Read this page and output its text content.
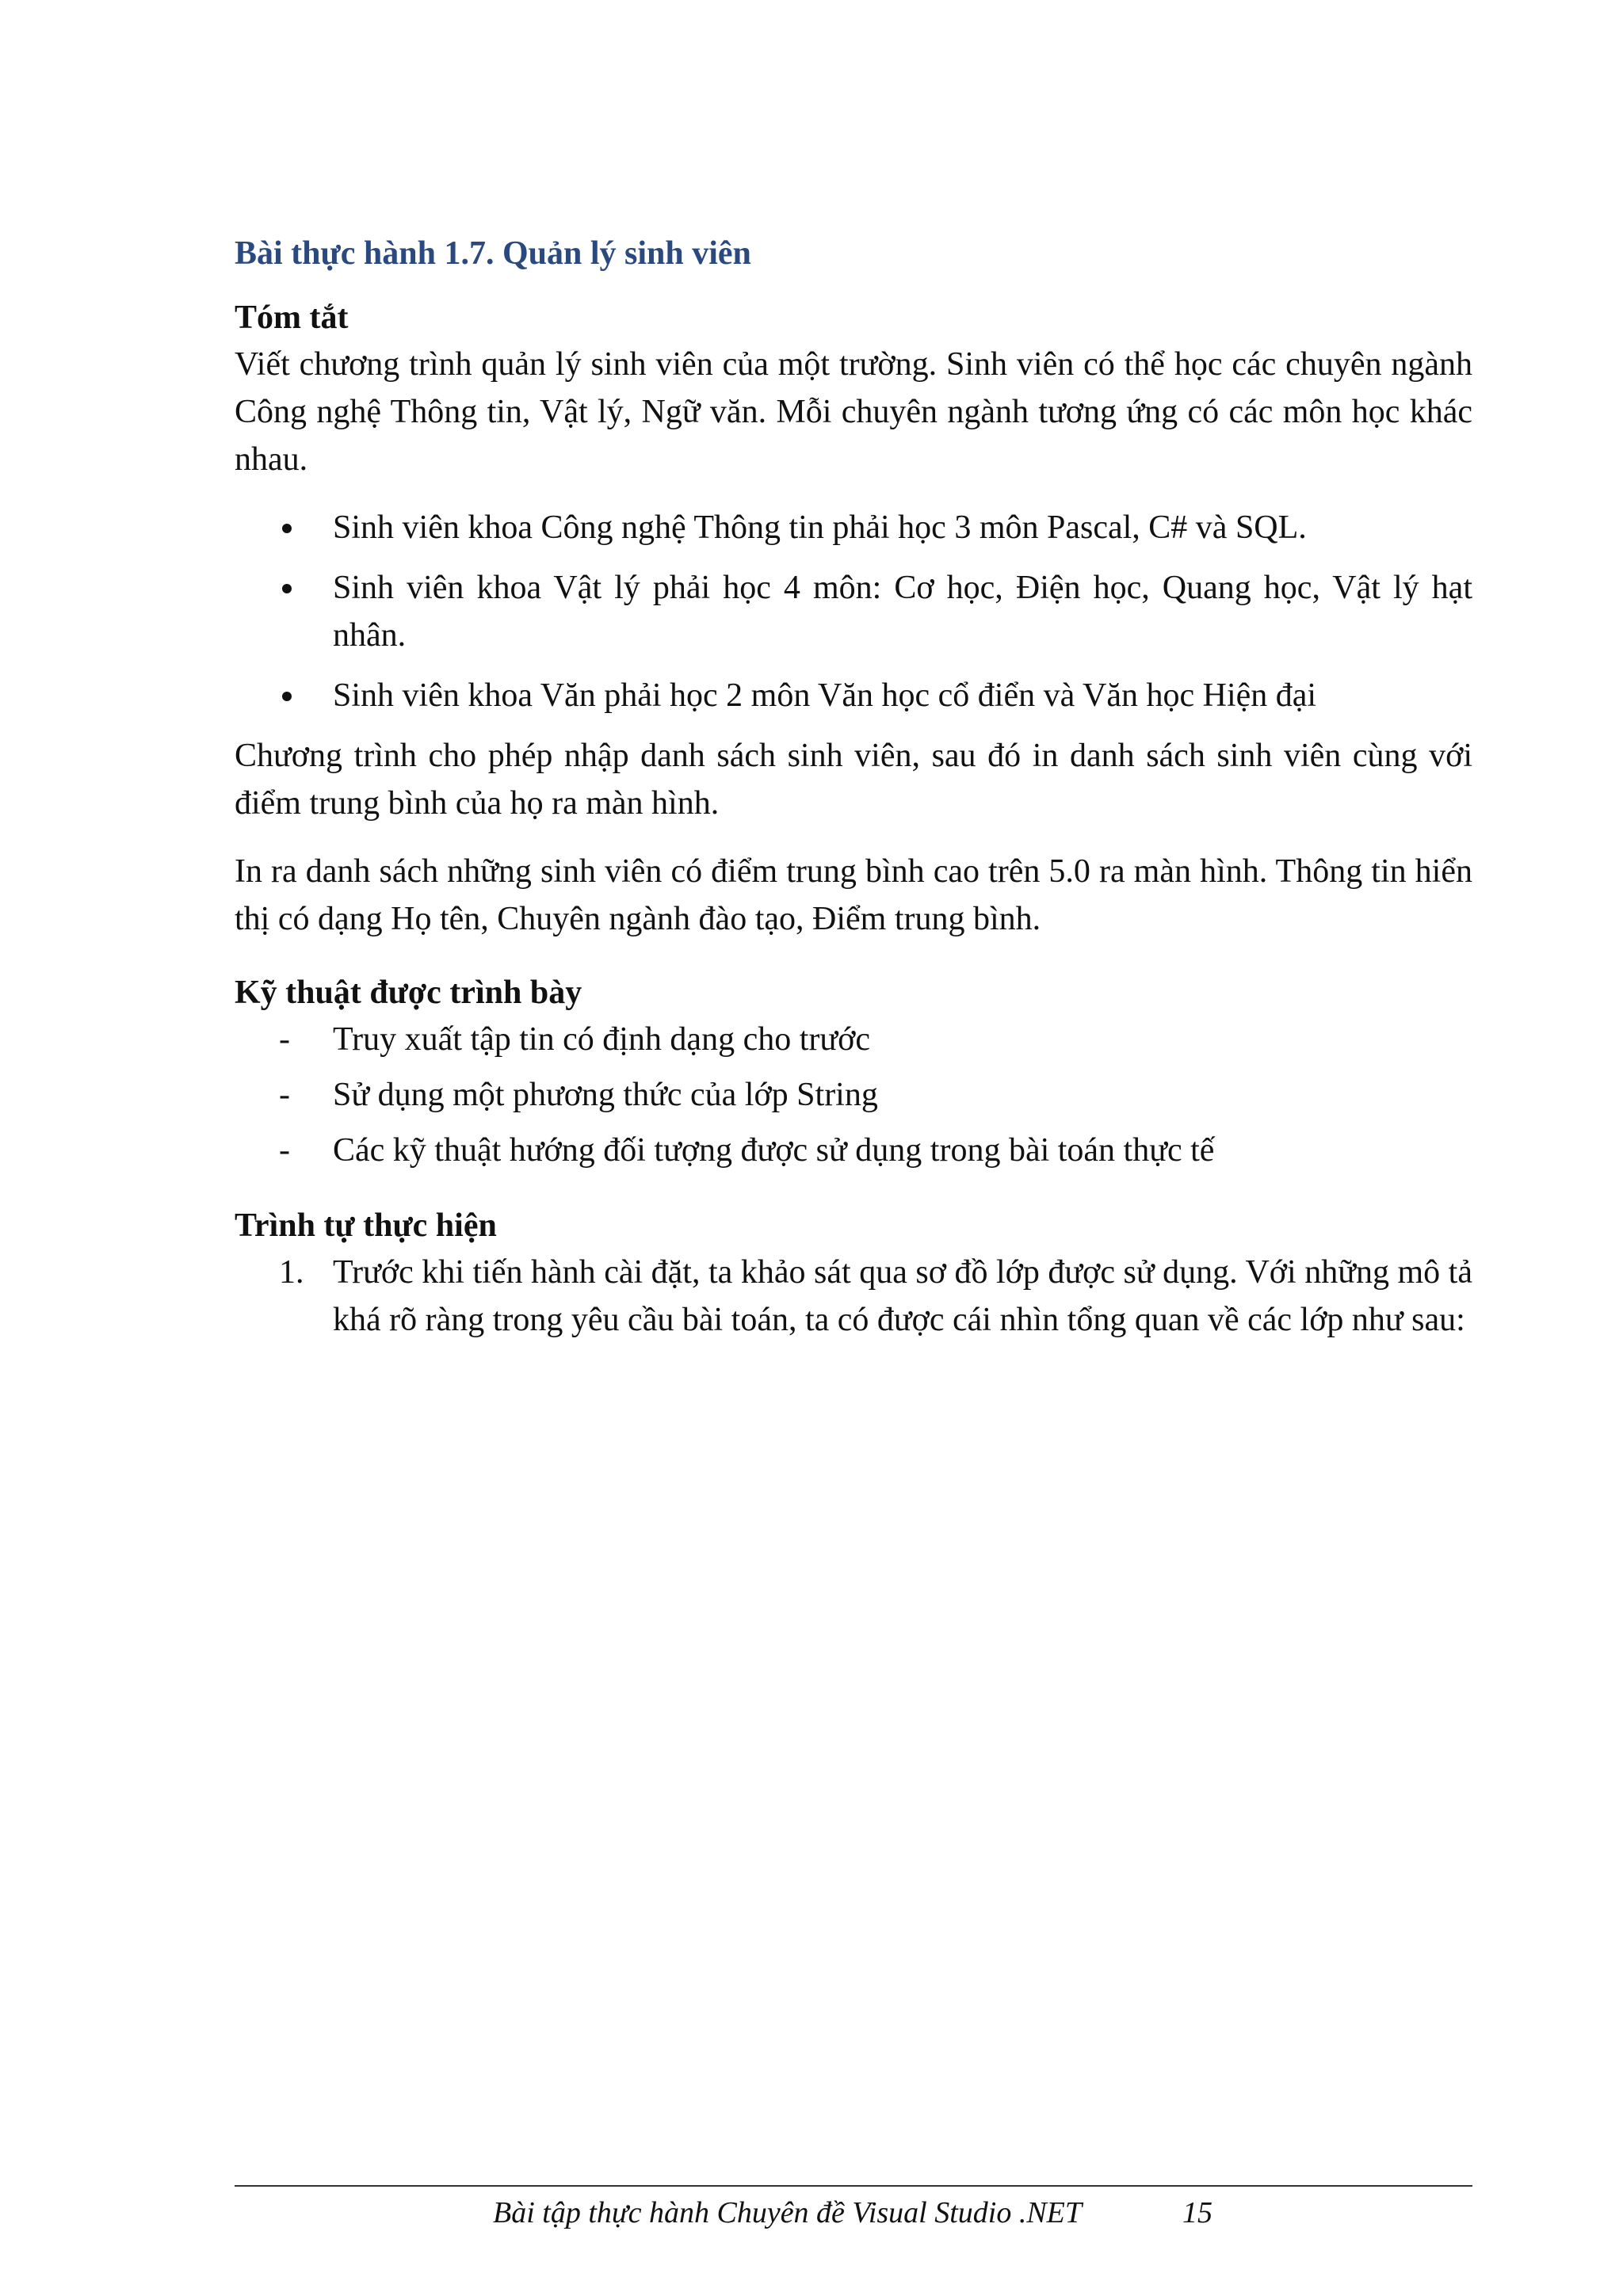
Bài thực hành 1.7. Quản lý sinh viên
Tóm tắt

Viết chương trình quản lý sinh viên của một trường. Sinh viên có thể học các chuyên ngành Công nghệ Thông tin, Vật lý, Ngữ văn. Mỗi chuyên ngành tương ứng có các môn học khác nhau.

Sinh viên khoa Công nghệ Thông tin phải học 3 môn Pascal, C# và SQL.
Sinh viên khoa Vật lý phải học 4 môn: Cơ học, Điện học, Quang học, Vật lý hạt nhân.
Sinh viên khoa Văn phải học 2 môn Văn học cổ điển và Văn học Hiện đại

Chương trình cho phép nhập danh sách sinh viên, sau đó in danh sách sinh viên cùng với điểm trung bình của họ ra màn hình.

In ra danh sách những sinh viên có điểm trung bình cao trên 5.0 ra màn hình. Thông tin hiển thị có dạng Họ tên, Chuyên ngành đào tạo, Điểm trung bình.

Kỹ thuật được trình bày
-	Truy xuất tập tin có định dạng cho trước
-	Sử dụng một phương thức của lớp String
-	Các kỹ thuật hướng đối tượng được sử dụng trong bài toán thực tế
Trình tự thực hiện
1. Trước khi tiến hành cài đặt, ta khảo sát qua sơ đồ lớp được sử dụng. Với những mô tả khá rõ ràng trong yêu cầu bài toán, ta có được cái nhìn tổng quan về các lớp như sau:
Bài tập thực hành Chuyên đề Visual Studio .NET	15
